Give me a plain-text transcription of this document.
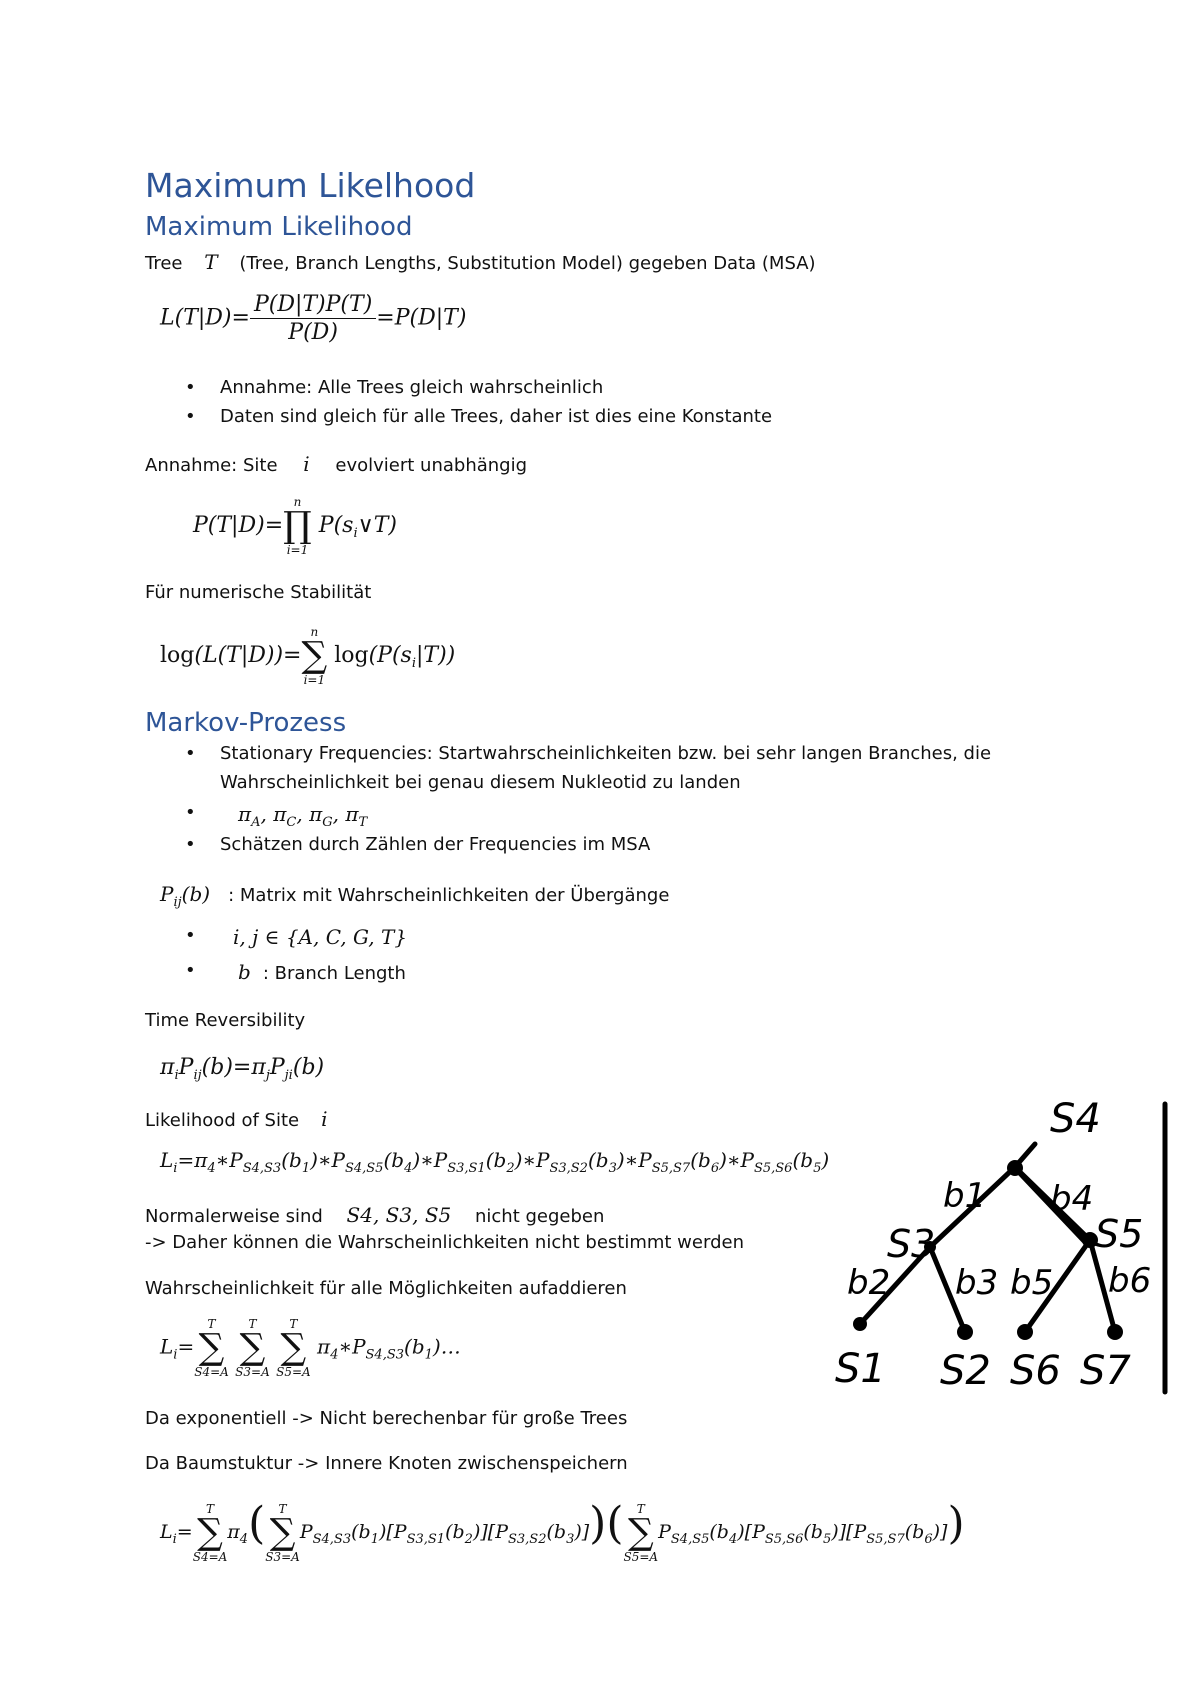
Maximum Likelhood
Maximum Likelihood
Tree T (Tree, Branch Lengths, Substitution Model) gegeben Data (MSA)
$L(T|D)= \frac{P(D|T)P(T)}{P(D)} =P(D|T)$
• Annahme: Alle Trees gleich wahrscheinlich
• Daten sind gleich für alle Trees, daher ist dies eine Konstante
Annahme: Site i evolviert unabhängig
P(T|D)=
n
∏
i=1
$P(s_i\vee T)$
Für numerische Stabilität
log(L(T|D))=
n
∑
i=1
$\log(P(s_i|T))$
Markov-Prozess
• Stationary Frequencies: Startwahrscheinlichkeiten bzw. bei sehr langen Branches, die
Wahrscheinlichkeit bei genau diesem Nukleotid zu landen
• $\pi_A$, $\pi_C$, $\pi_G$, $\pi_T$
• Schätzen durch Zählen der Frequencies im MSA
$P_{ij}(b)$ : Matrix mit Wahrscheinlichkeiten der Übergänge
• i, j ∈ {A, C, G, T}
• b : Branch Length
Time Reversibility
$\pi_iP_{ij}(b)=\pi_jP_{ji}(b)$
Likelihood of Site i
$L_i=\pi_4∗P_{S4,S3}(b_1)∗P_{S4,S5}(b_4)∗P_{S3,S1}(b_2)∗P_{S3,S2}(b_3)∗P_{S5,S7}(b_6)∗P_{S5,S6}(b_5)$
Normalerweise sind S4, S3, S5 nicht gegeben
-> Daher können die Wahrscheinlichkeiten nicht bestimmt werden
Wahrscheinlichkeit für alle Möglichkeiten aufaddieren
$L_i=$
T
∑
S4=A

T
∑
S3=A

T
∑
S5=A
$\pi_4∗P_{S4,S3}(b_1)\dots$
Da exponentiell -> Nicht berechenbar für große Trees
Da Baumstuktur -> Innere Knoten zwischenspeichern
$L_i=$
T
∑
S4=A
$\pi_4$( T
∑
S3=A
$P_{S4,S3}(b_1)[P_{S3,S1}(b_2)][P_{S3,S2}(b_3)]$)( T
∑
S5=A
$P_{S4,S5}(b_4)[P_{S5,S6}(b_5)][P_{S5,S7}(b_6)]$)
S4
S5
S3
S1 S2 S6 S7
b1 b4
b2 b3 b5 b6
